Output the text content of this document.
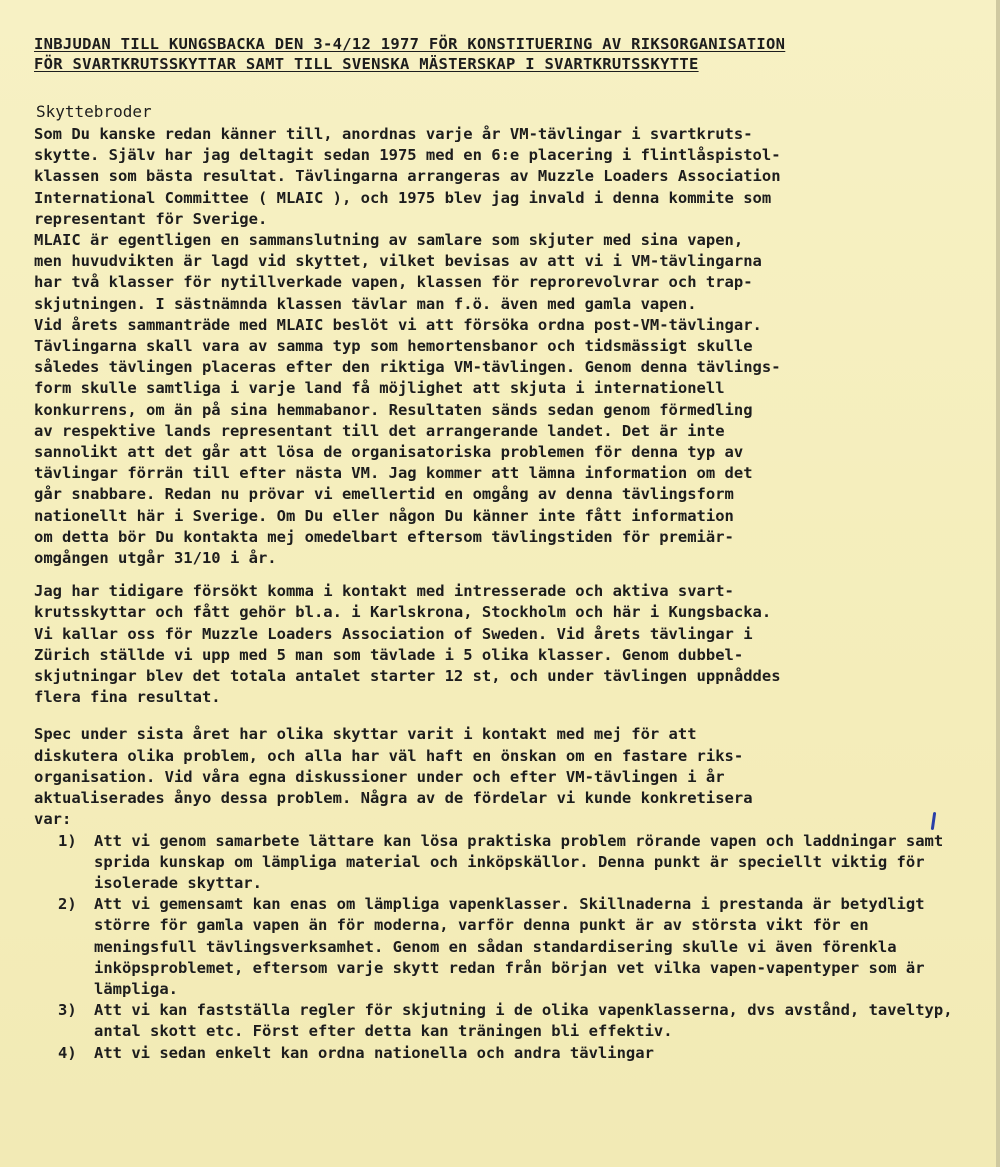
INBJUDAN TILL KUNGSBACKA DEN 3-4/12 1977 FÖR KONSTITUERING AV RIKSORGANISATION
FÖR SVARTKRUTSSKYTTAR SAMT TILL SVENSKA MÄSTERSKAP I SVARTKRUTSSKYTTE
Skyttebroder
Som Du kanske redan känner till, anordnas varje år VM-tävlingar i svartkruts-
skytte. Själv har jag deltagit sedan 1975 med en 6:e placering i flintlåspistol-
klassen som bästa resultat. Tävlingarna arrangeras av Muzzle Loaders Association
International Committee ( MLAIC ), och 1975 blev jag invald i denna kommite som
representant för Sverige.
MLAIC är egentligen en sammanslutning av samlare som skjuter med sina vapen,
men huvudvikten är lagd vid skyttet, vilket bevisas av att vi i VM-tävlingarna
har två klasser för nytillverkade vapen, klassen för reprorevolvrar och trap-
skjutningen. I sästnämnda klassen tävlar man f.ö. även med gamla vapen.
Vid årets sammanträde med MLAIC beslöt vi att försöka ordna post-VM-tävlingar.
Tävlingarna skall vara av samma typ som hemortensbanor och tidsmässigt skulle
således tävlingen placeras efter den riktiga VM-tävlingen. Genom denna tävlings-
form skulle samtliga i varje land få möjlighet att skjuta i internationell
konkurrens, om än på sina hemmabanor. Resultaten sänds sedan genom förmedling
av respektive lands representant till det arrangerande landet. Det är inte
sannolikt att det går att lösa de organisatoriska problemen för denna typ av
tävlingar förrän till efter nästa VM. Jag kommer att lämna information om det
går snabbare. Redan nu prövar vi emellertid en omgång av denna tävlingsform
nationellt här i Sverige. Om Du eller någon Du känner inte fått information
om detta bör Du kontakta mej omedelbart eftersom tävlingstiden för premiär-
omgången utgår 31/10 i år.
Jag har tidigare försökt komma i kontakt med intresserade och aktiva svart-
krutsskyttar och fått gehör bl.a. i Karlskrona, Stockholm och här i Kungsbacka.
Vi kallar oss för Muzzle Loaders Association of Sweden. Vid årets tävlingar i
Zürich ställde vi upp med 5 man som tävlade i 5 olika klasser. Genom dubbel-
skjutningar blev det totala antalet starter 12 st, och under tävlingen uppnåddes
flera fina resultat.
Spec under sista året har olika skyttar varit i kontakt med mej för att
diskutera olika problem, och alla har väl haft en önskan om en fastare riks-
organisation. Vid våra egna diskussioner under och efter VM-tävlingen i år
aktualiserades ånyo dessa problem. Några av de fördelar vi kunde konkretisera
var:
1) Att vi genom samarbete lättare kan lösa praktiska problem rörande vapen och laddningar samt sprida kunskap om lämpliga material och inköpskällor. Denna punkt är speciellt viktig för isolerade skyttar.
2) Att vi gemensamt kan enas om lämpliga vapenklasser. Skillnaderna i prestanda är betydligt större för gamla vapen än för moderna, varför denna punkt är av största vikt för en meningsfull tävlingsverksamhet. Genom en sådan standardisering skulle vi även förenkla inköpsproblemet, eftersom varje skytt redan från början vet vilka vapen-vapentyper som är lämpliga.
3) Att vi kan fastställa regler för skjutning i de olika vapenklasserna, dvs avstånd, taveltyp, antal skott etc. Först efter detta kan träningen bli effektiv.
4) Att vi sedan enkelt kan ordna nationella och andra tävlingar
